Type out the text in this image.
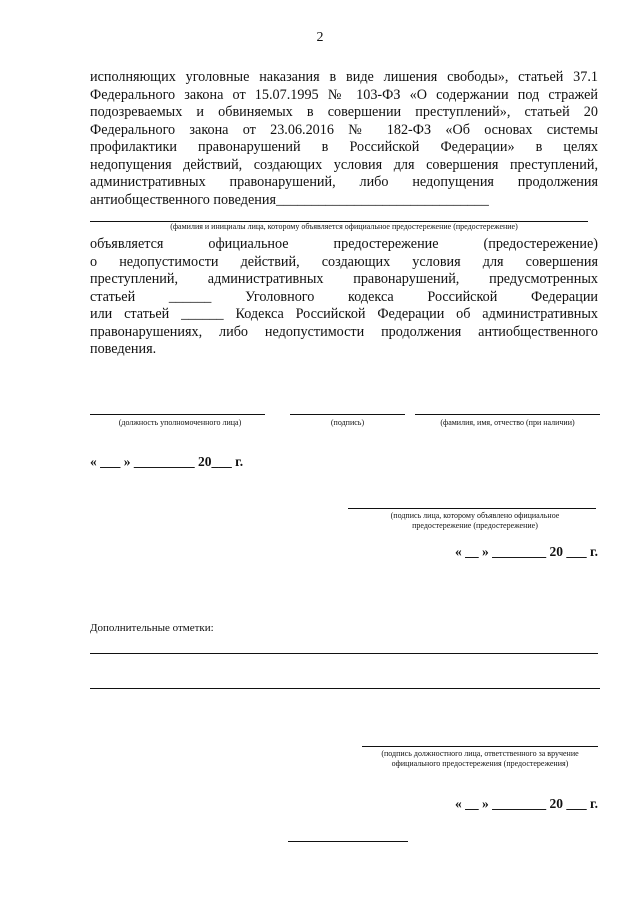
2

исполняющих уголовные наказания в виде лишения свободы», статьей 37.1

Федерального закона от 15.07.1995 № 103-ФЗ «О содержании под стражей

подозреваемых и обвиняемых в совершении преступлений», статьей 20

Федерального закона от 23.06.2016 № 182-ФЗ «Об основах системы

профилактики правонарушений в Российской Федерации» в целях

недопущения действий, создающих условия для совершения преступлений,

административных правонарушений, либо недопущения продолжения

антиобщественного поведения______________________________

(фамилия и инициалы лица, которому объявляется официальное предостережение (предостережение)

объявляется официальное предостережение (предостережение)

о недопустимости действий, создающих условия для совершения

преступлений, административных правонарушений, предусмотренных

статьей ______ Уголовного кодекса Российской Федерации

или статьей ______ Кодекса Российской Федерации об административных

правонарушениях, либо недопустимости продолжения антиобщественного

поведения.

(должность уполномоченного лица)	(подпись)	(фамилия, имя, отчество (при наличии)
« ___ » _________ 20___ г.
(подпись лица, которому объявлено официальное предостережение (предостережение)
« __ » ________ 20 ___ г.
Дополнительные отметки:
(подпись должностного лица, ответственного за вручение официального предостережения (предостережения)
« __ » ________ 20 ___ г.
